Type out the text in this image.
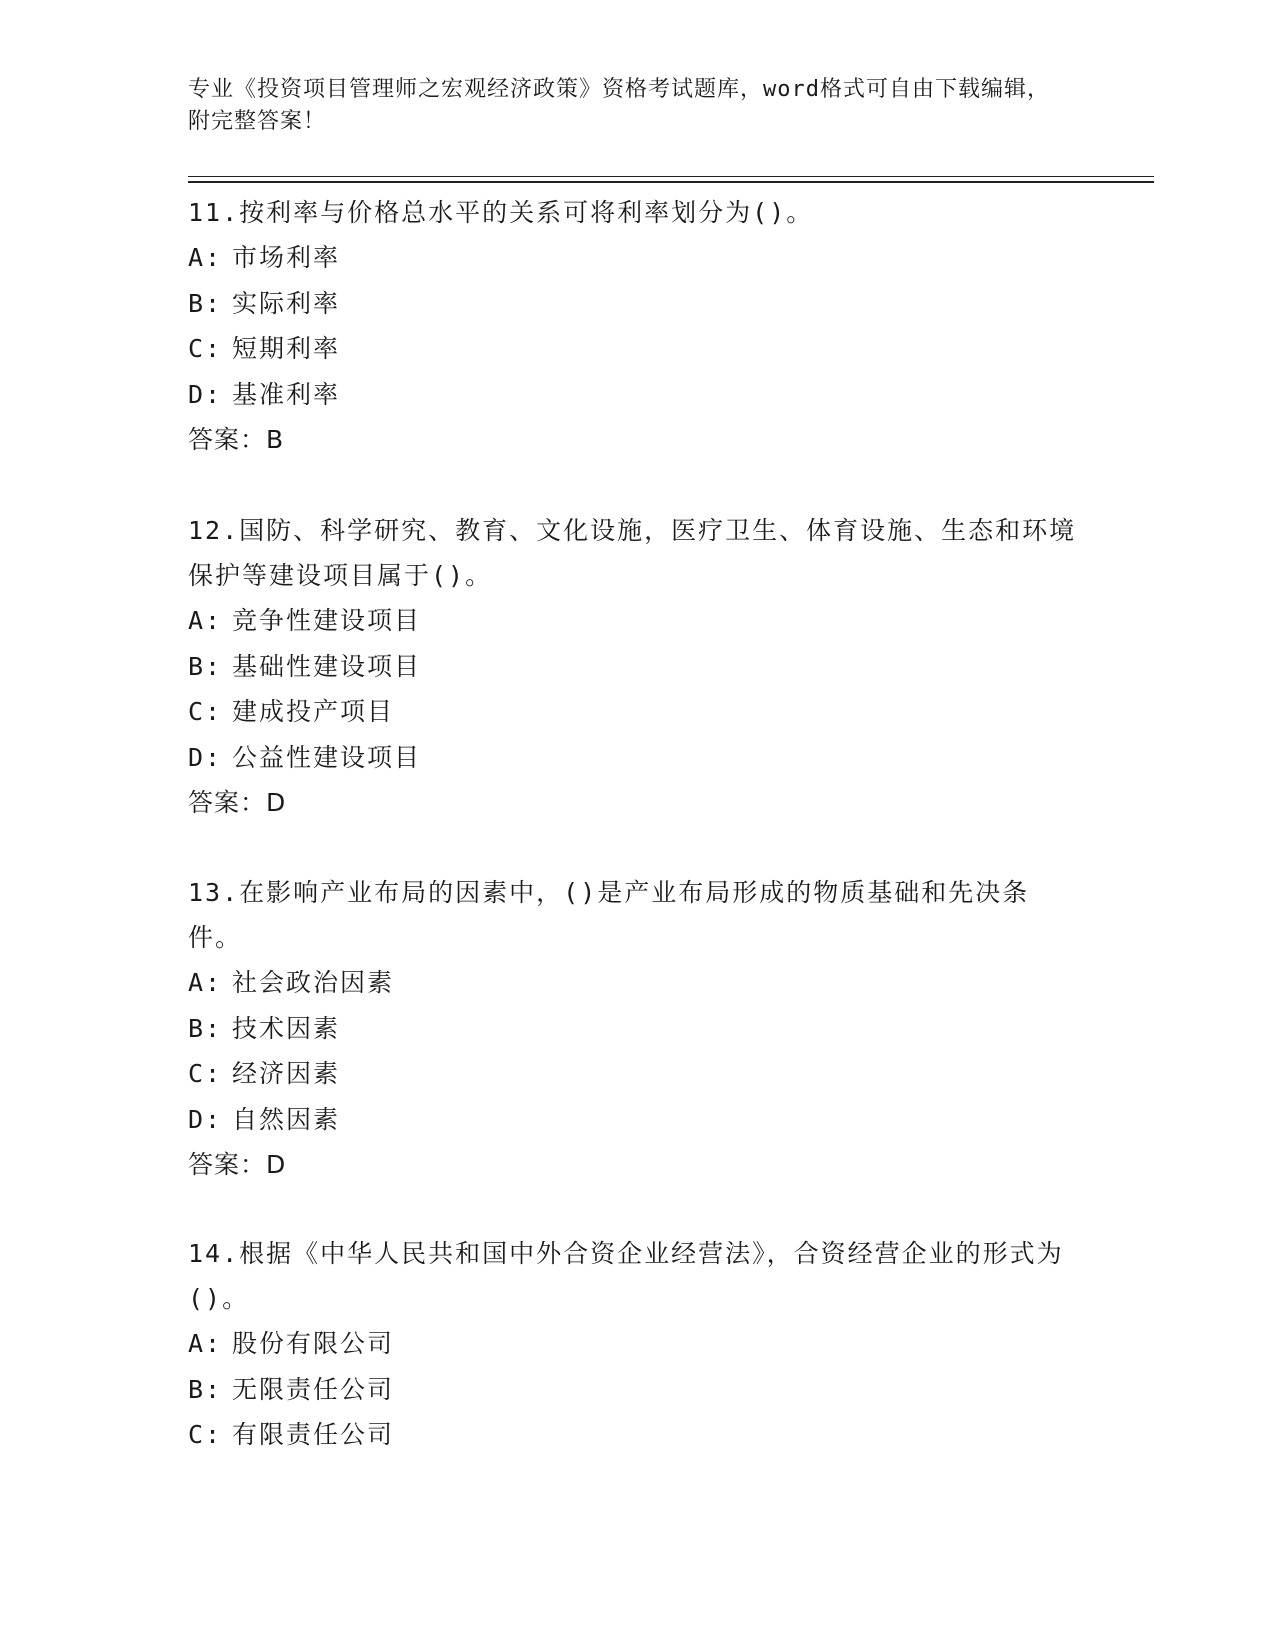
专业《投资项目管理师之宏观经济政策》资格考试题库，word格式可自由下载编辑，附完整答案！
11.按利率与价格总水平的关系可将利率划分为()。
A: 市场利率
B: 实际利率
C: 短期利率
D: 基准利率
答案：B
12.国防、科学研究、教育、文化设施，医疗卫生、体育设施、生态和环境保护等建设项目属于()。
A: 竞争性建设项目
B: 基础性建设项目
C: 建成投产项目
D: 公益性建设项目
答案：D
13.在影响产业布局的因素中，()是产业布局形成的物质基础和先决条件。
A: 社会政治因素
B: 技术因素
C: 经济因素
D: 自然因素
答案：D
14.根据《中华人民共和国中外合资企业经营法》，合资经营企业的形式为()。
A: 股份有限公司
B: 无限责任公司
C: 有限责任公司
